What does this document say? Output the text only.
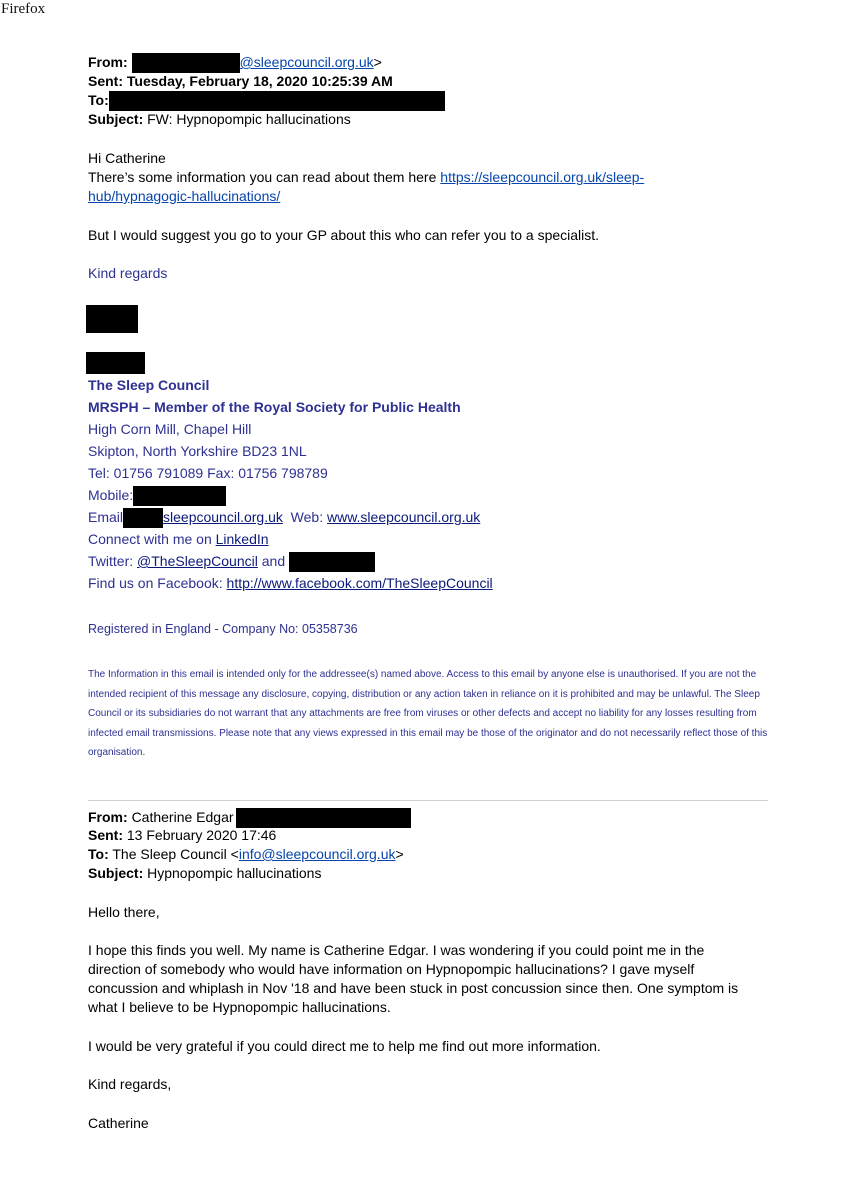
Firefox
From:	@sleepcouncil.org.uk>
Sent: Tuesday, February 18, 2020 10:25:39 AM
To:
Subject: FW: Hypnopompic hallucinations
Hi Catherine
There’s some information you can read about them here https://sleepcouncil.org.uk/sleep-
hub/hypnagogic-hallucinations/
But I would suggest you go to your GP about this who can refer you to a specialist.
Kind regards
The Sleep Council
MRSPH – Member of the Royal Society for Public Health
High Corn Mill, Chapel Hill
Skipton, North Yorkshire BD23 1NL
Tel: 01756 791089 Fax: 01756 798789
Mobile:
Email	sleepcouncil.org.uk Web: www.sleepcouncil.org.uk
Connect with me on LinkedIn
Twitter: @TheSleepCouncil and
Find us on Facebook: http://www.facebook.com/TheSleepCouncil
Registered in England - Company No: 05358736
The Information in this email is intended only for the addressee(s) named above. Access to this email by anyone else is unauthorised. If you are not the intended recipient of this message any disclosure, copying, distribution or any action taken in reliance on it is prohibited and may be unlawful. The Sleep Council or its subsidiaries do not warrant that any attachments are free from viruses or other defects and accept no liability for any losses resulting from infected email transmissions. Please note that any views expressed in this email may be those of the originator and do not necessarily reflect those of this organisation.
From: Catherine Edgar
Sent: 13 February 2020 17:46
To: The Sleep Council <info@sleepcouncil.org.uk>
Subject: Hypnopompic hallucinations
Hello there,
I hope this finds you well. My name is Catherine Edgar. I was wondering if you could point me in the
direction of somebody who would have information on Hypnopompic hallucinations? I gave myself
concussion and whiplash in Nov '18 and have been stuck in post concussion since then. One symptom is
what I believe to be Hypnopompic hallucinations.
I would be very grateful if you could direct me to help me find out more information.
Kind regards,
Catherine
